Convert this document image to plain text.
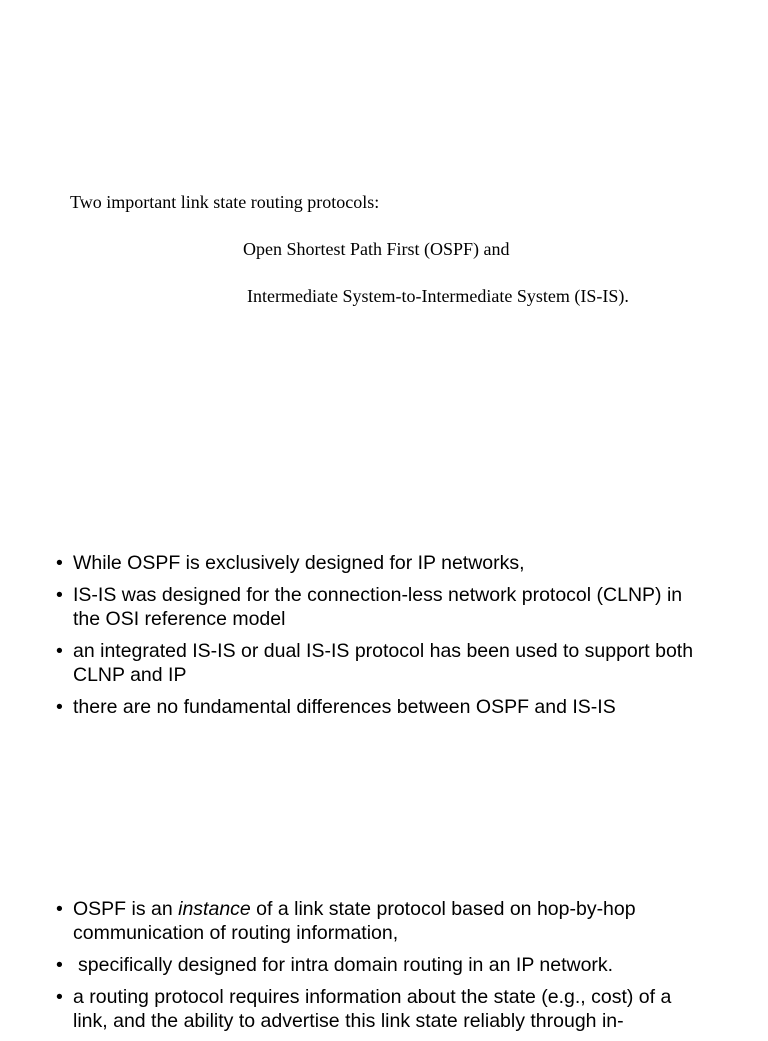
Two important link state routing protocols:
Open Shortest Path First (OSPF) and
Intermediate System-to-Intermediate System (IS-IS).
• While OSPF is exclusively designed for IP networks,
• IS-IS was designed for the connection-less network protocol (CLNP) in the OSI reference model
• an integrated IS-IS or dual IS-IS protocol has been used to support both CLNP and IP
• there are no fundamental differences between OSPF and IS-IS
• OSPF is an instance of a link state protocol based on hop-by-hop communication of routing information,
• specifically designed for intra domain routing in an IP network.
• a routing protocol requires information about the state (e.g., cost) of a link, and the ability to advertise this link state reliably through in-
